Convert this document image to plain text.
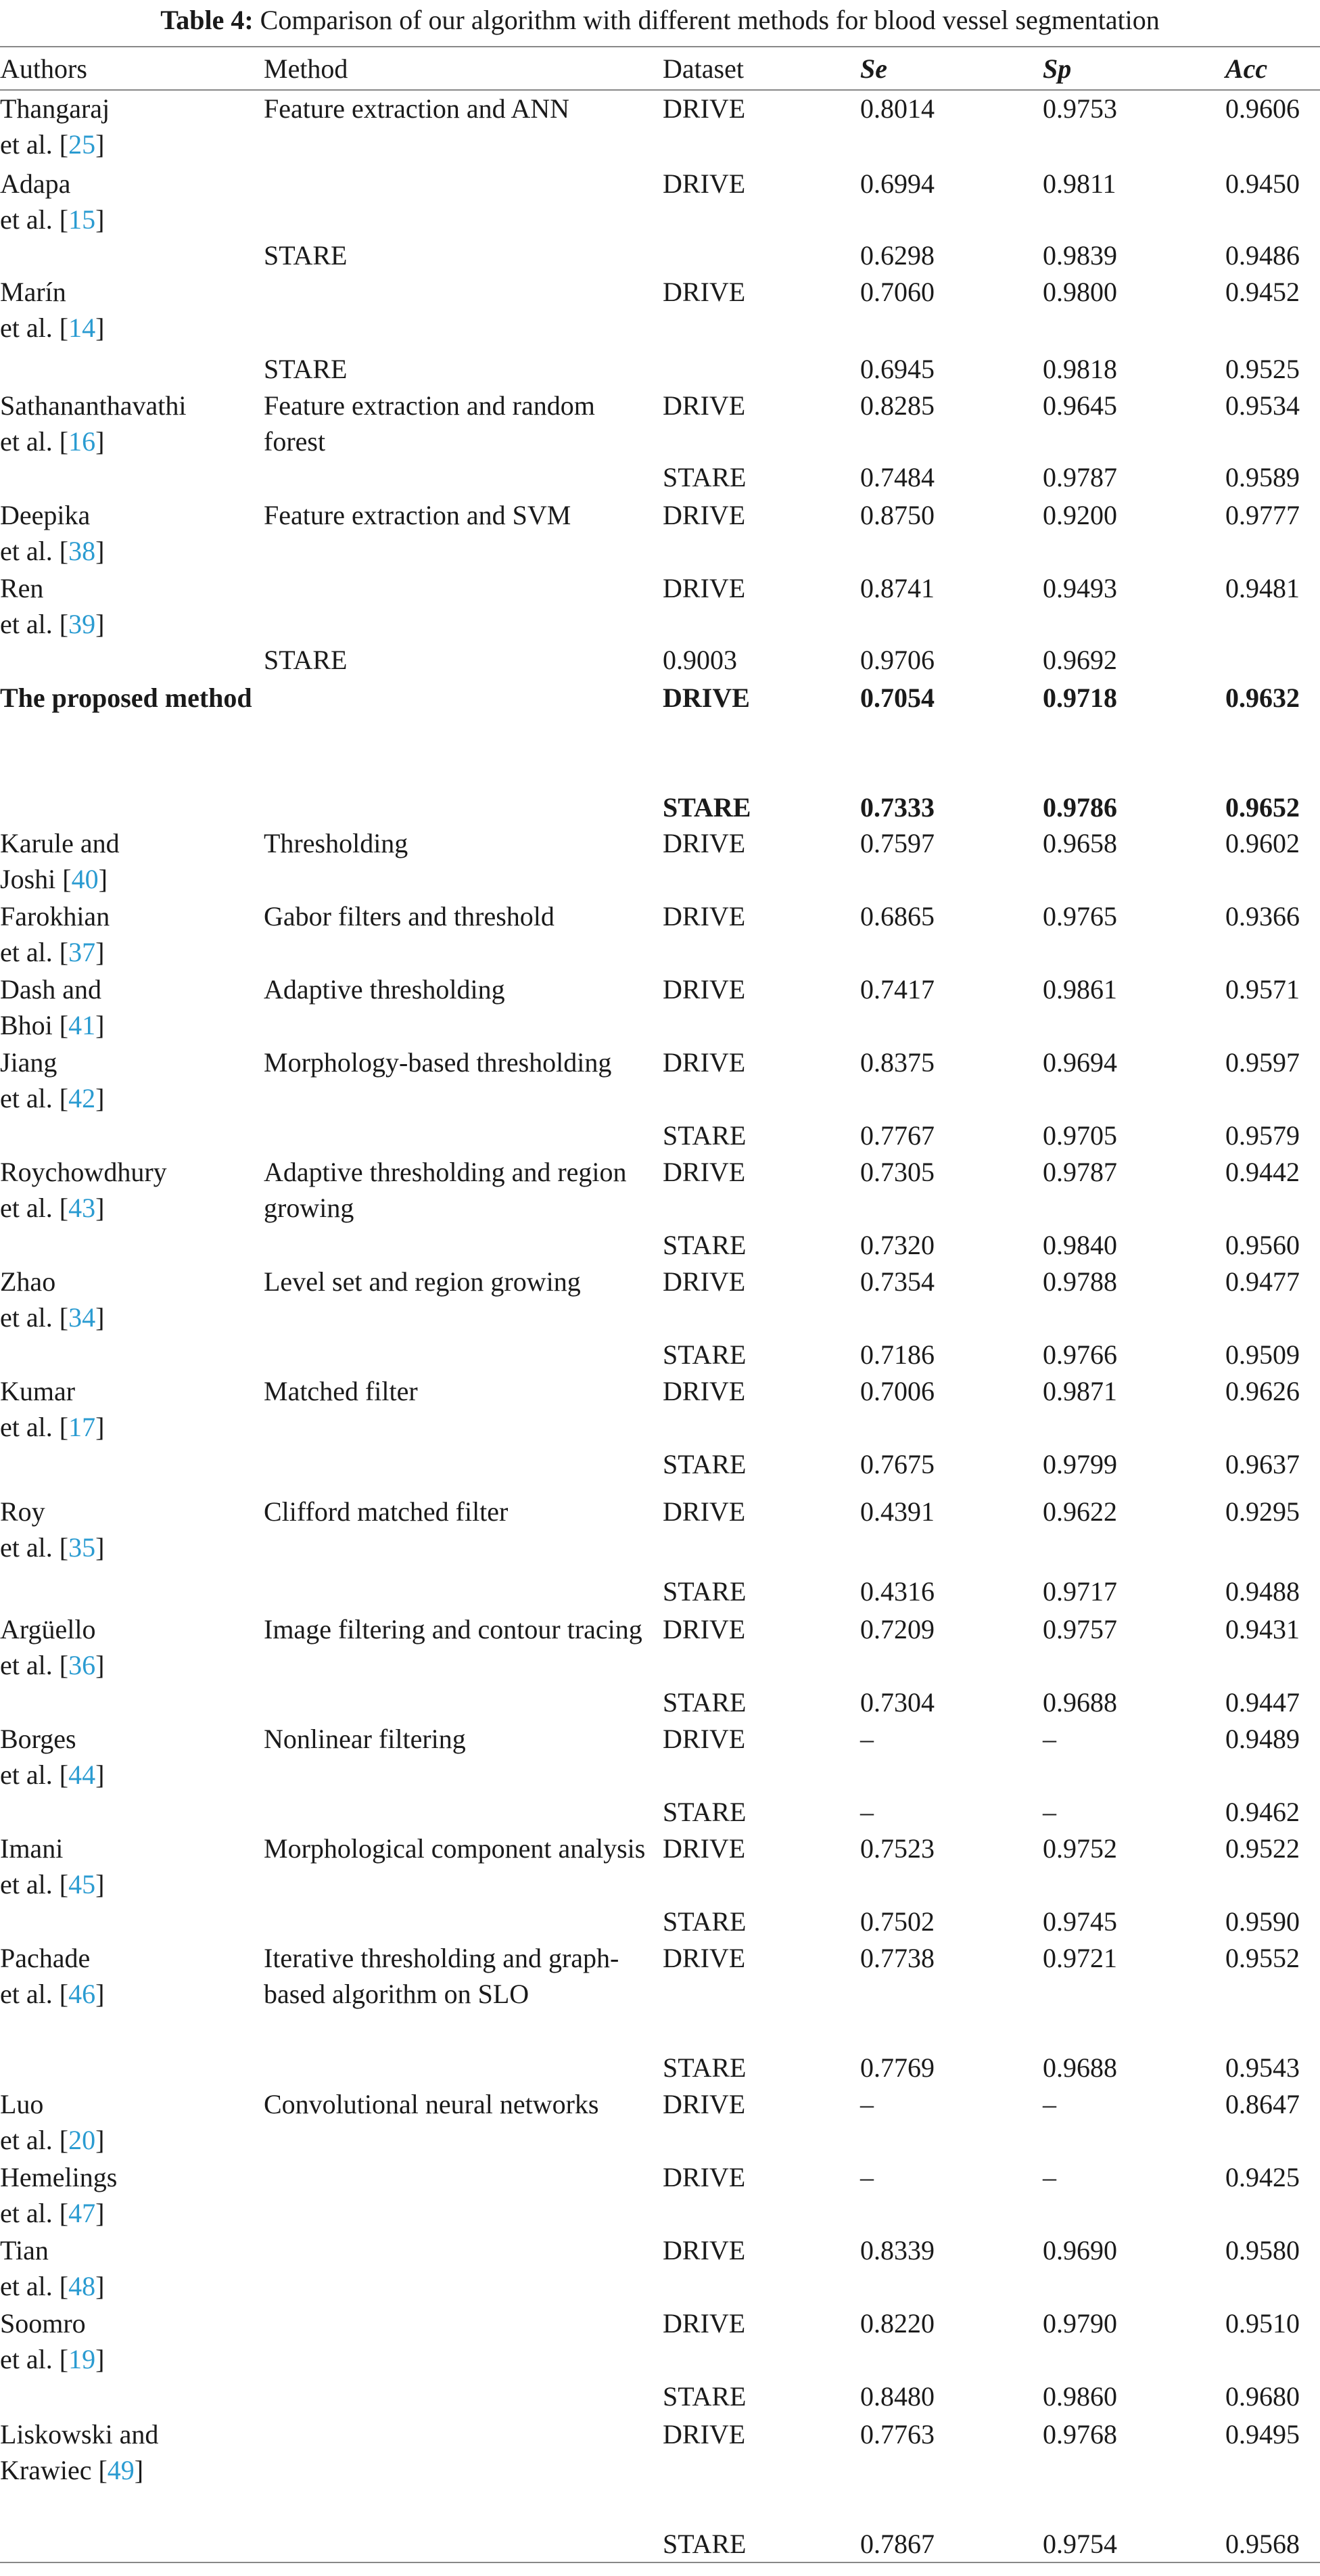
Table 4: Comparison of our algorithm with different methods for blood vessel segmentation
Authors	Method	Dataset	Se	Sp	Acc
Thangaraj
et al. [25]	Feature extraction and ANN	DRIVE	0.8014	0.9753	0.9606
Adapa
et al. [15]		DRIVE	0.6994	0.9811	0.9450
	STARE		0.6298	0.9839	0.9486
Marín
et al. [14]		DRIVE	0.7060	0.9800	0.9452
	STARE		0.6945	0.9818	0.9525
Sathananthavathi
et al. [16]	Feature extraction and random forest	DRIVE	0.8285	0.9645	0.9534
		STARE	0.7484	0.9787	0.9589
Deepika
et al. [38]	Feature extraction and SVM	DRIVE	0.8750	0.9200	0.9777
Ren
et al. [39]		DRIVE	0.8741	0.9493	0.9481
	STARE	0.9003	0.9706	0.9692	
The proposed method		DRIVE	0.7054	0.9718	0.9632
		STARE	0.7333	0.9786	0.9652
Karule and
Joshi [40]	Thresholding	DRIVE	0.7597	0.9658	0.9602
Farokhian
et al. [37]	Gabor filters and threshold	DRIVE	0.6865	0.9765	0.9366
Dash and
Bhoi [41]	Adaptive thresholding	DRIVE	0.7417	0.9861	0.9571
Jiang
et al. [42]	Morphology-based thresholding	DRIVE	0.8375	0.9694	0.9597
		STARE	0.7767	0.9705	0.9579
Roychowdhury
et al. [43]	Adaptive thresholding and region growing	DRIVE	0.7305	0.9787	0.9442
		STARE	0.7320	0.9840	0.9560
Zhao
et al. [34]	Level set and region growing	DRIVE	0.7354	0.9788	0.9477
		STARE	0.7186	0.9766	0.9509
Kumar
et al. [17]	Matched filter	DRIVE	0.7006	0.9871	0.9626
		STARE	0.7675	0.9799	0.9637
Roy
et al. [35]	Clifford matched filter	DRIVE	0.4391	0.9622	0.9295
		STARE	0.4316	0.9717	0.9488
Argüello
et al. [36]	Image filtering and contour tracing	DRIVE	0.7209	0.9757	0.9431
		STARE	0.7304	0.9688	0.9447
Borges
et al. [44]	Nonlinear filtering	DRIVE	–	–	0.9489
		STARE	–	–	0.9462
Imani
et al. [45]	Morphological component analysis	DRIVE	0.7523	0.9752	0.9522
		STARE	0.7502	0.9745	0.9590
Pachade
et al. [46]	Iterative thresholding and graph-based algorithm on SLO	DRIVE	0.7738	0.9721	0.9552
		STARE	0.7769	0.9688	0.9543
Luo
et al. [20]	Convolutional neural networks	DRIVE	–	–	0.8647
Hemelings
et al. [47]		DRIVE	–	–	0.9425
Tian
et al. [48]		DRIVE	0.8339	0.9690	0.9580
Soomro
et al. [19]		DRIVE	0.8220	0.9790	0.9510
		STARE	0.8480	0.9860	0.9680
Liskowski and
Krawiec [49]		DRIVE	0.7763	0.9768	0.9495
		STARE	0.7867	0.9754	0.9568
